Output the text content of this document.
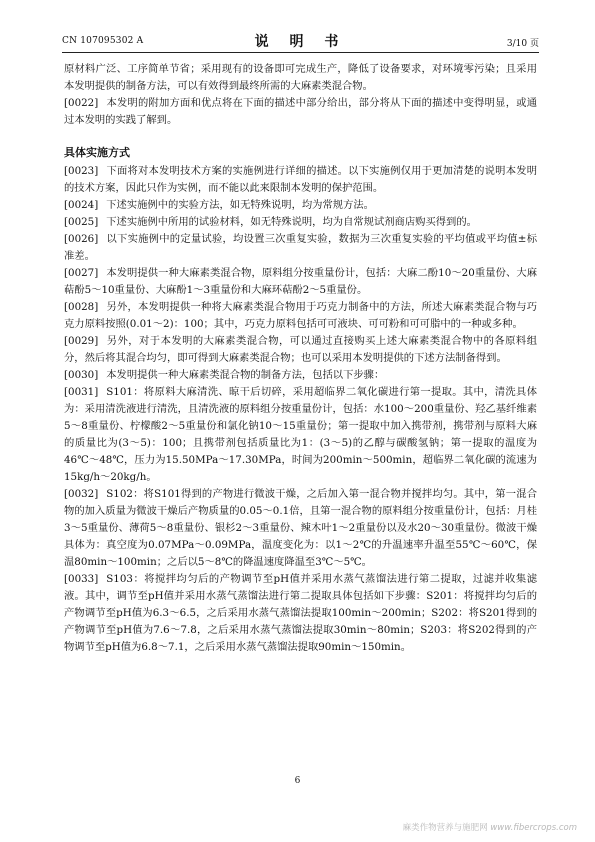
CN 107095302 A	说 明 书	3/10 页

原材料广泛、工序简单节省；采用现有的设备即可完成生产，降低了设备要求，对环境零污染；且采用本发明提供的制备方法，可以有效得到最终所需的大麻素类混合物。

[0022] 本发明的附加方面和优点将在下面的描述中部分给出，部分将从下面的描述中变得明显，或通过本发明的实践了解到。

具体实施方式

[0023] 下面将对本发明技术方案的实施例进行详细的描述。以下实施例仅用于更加清楚的说明本发明的技术方案，因此只作为实例，而不能以此来限制本发明的保护范围。

[0024] 下述实施例中的实验方法，如无特殊说明，均为常规方法。

[0025] 下述实施例中所用的试验材料，如无特殊说明，均为自常规试剂商店购买得到的。

[0026] 以下实施例中的定量试验，均设置三次重复实验，数据为三次重复实验的平均值或平均值±标准差。

[0027] 本发明提供一种大麻素类混合物，原料组分按重量份计，包括：大麻二酚10～20重量份、大麻萜酚5～10重量份、大麻酚1～3重量份和大麻环萜酚2～5重量份。

[0028] 另外，本发明提供一种将大麻素类混合物用于巧克力制备中的方法，所述大麻素类混合物与巧克力原料按照(0.01～2)：100；其中，巧克力原料包括可可液块、可可粉和可可脂中的一种或多种。

[0029] 另外，对于本发明的大麻素类混合物，可以通过直接购买上述大麻素类混合物中的各原料组分，然后将其混合均匀，即可得到大麻素类混合物；也可以采用本发明提供的下述方法制备得到。

[0030] 本发明提供一种大麻素类混合物的制备方法，包括以下步骤：

[0031] S101：将原料大麻清洗、晾干后切碎，采用超临界二氧化碳进行第一提取。其中，清洗具体为：采用清洗液进行清洗，且清洗液的原料组分按重量份计，包括：水100～200重量份、羟乙基纤维素5～8重量份、柠檬酸2～5重量份和氯化钠10～15重量份；第一提取中加入携带剂，携带剂与原料大麻的质量比为(3～5)：100；且携带剂包括质量比为1：(3～5)的乙醇与碳酸氢钠；第一提取的温度为46℃～48℃，压力为15.50MPa～17.30MPa，时间为200min～500min，超临界二氧化碳的流速为15kg/h～20kg/h。

[0032] S102：将S101得到的产物进行微波干燥，之后加入第一混合物并搅拌均匀。其中，第一混合物的加入质量为微波干燥后产物质量的0.05～0.1倍，且第一混合物的原料组分按重量份计，包括：月桂3～5重量份、薄荷5～8重量份、银杉2～3重量份、辣木叶1～2重量份以及水20～30重量份。微波干燥具体为：真空度为0.07MPa～0.09MPa，温度变化为：以1～2℃的升温速率升温至55℃～60℃，保温80min～100min；之后以5～8℃的降温速度降温至3℃～5℃。

[0033] S103：将搅拌均匀后的产物调节至pH值并采用水蒸气蒸馏法进行第二提取，过滤并收集滤液。其中，调节至pH值并采用水蒸气蒸馏法进行第二提取具体包括如下步骤：S201：将搅拌均匀后的产物调节至pH值为6.3～6.5，之后采用水蒸气蒸馏法提取100min～200min；S202：将S201得到的产物调节至pH值为7.6～7.8，之后采用水蒸气蒸馏法提取30min～80min；S203：将S202得到的产物调节至pH值为6.8～7.1，之后采用水蒸气蒸馏法提取90min～150min。

6
麻类作物营养与施肥网 www.fibercrops.com
